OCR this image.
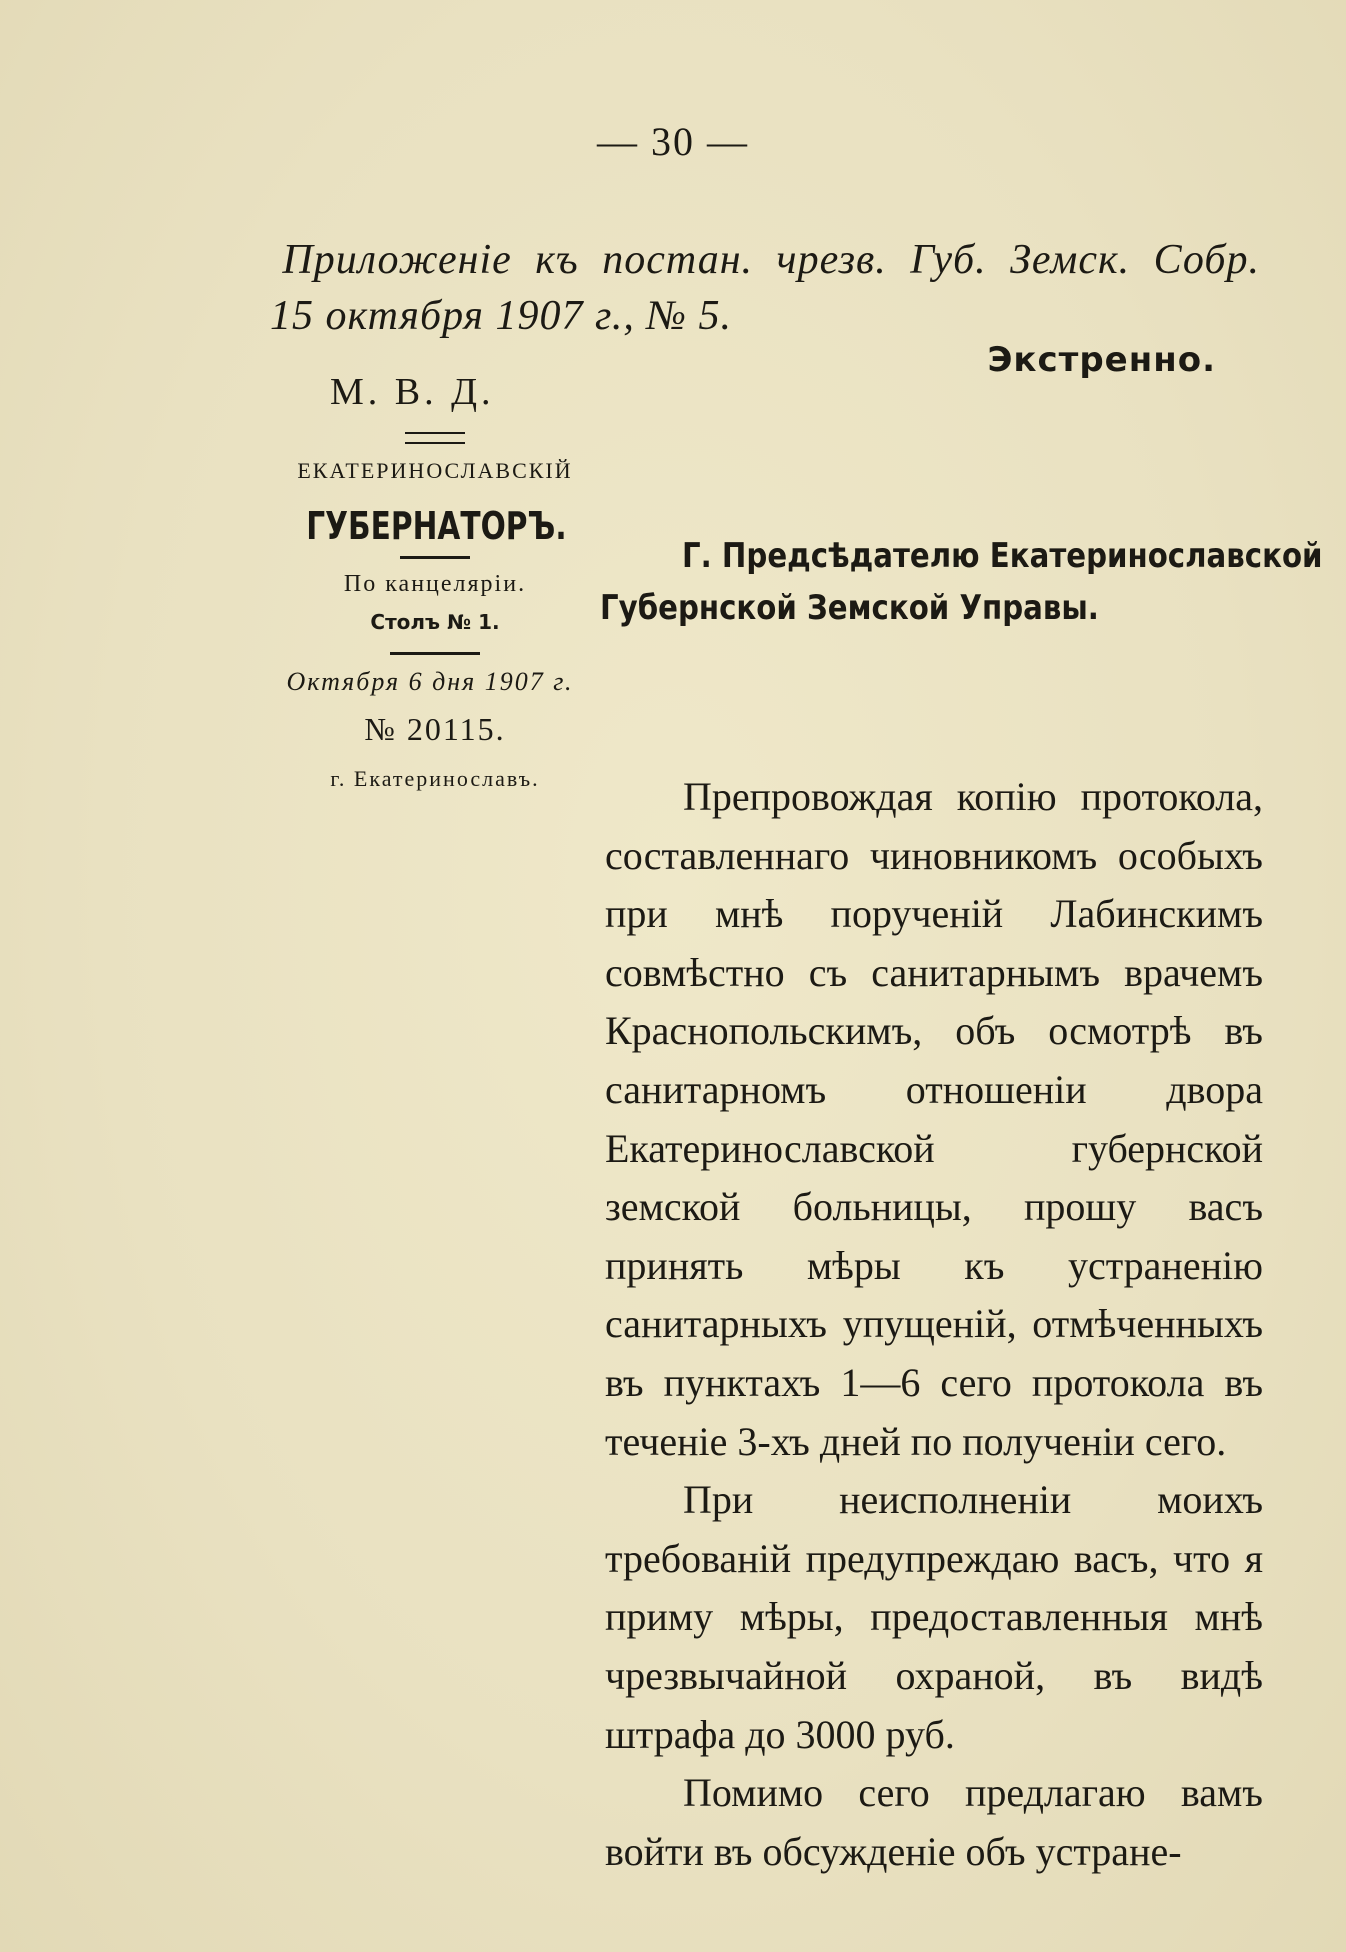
— 30 —
Приложеніе къ постан. чрезв. Губ. Земск. Собр.
15 октября 1907 г., № 5.
Экстренно.
М. В. Д.
ЕКАТЕРИНОСЛАВСКІЙ
ГУБЕРНАТОРЪ.
По канцеляріи.
Столъ № 1.
Октября 6 дня 1907 г.
№ 20115.
г. Екатеринославъ.
Г. Предсѣдателю Екатеринославской
Губернской Земской Управы.

Препровождая копію протокола, составленнаго чиновникомъ особыхъ при мнѣ порученій Лабинскимъ совмѣстно съ санитарнымъ врачемъ Краснопольскимъ, объ осмотрѣ въ санитарномъ отношеніи двора Екатеринославской губернской земской больницы, прошу васъ принять мѣры къ устраненію санитарныхъ упущеній, отмѣченныхъ въ пунктахъ 1—6 сего протокола въ теченіе 3-хъ дней по полученіи сего.

При неисполненіи моихъ требованій предупреждаю васъ, что я приму мѣры, предоставленныя мнѣ чрезвычайной охраной, въ видѣ штрафа до 3000 руб.

Помимо сего предлагаю вамъ войти въ обсужденіе объ устране-
